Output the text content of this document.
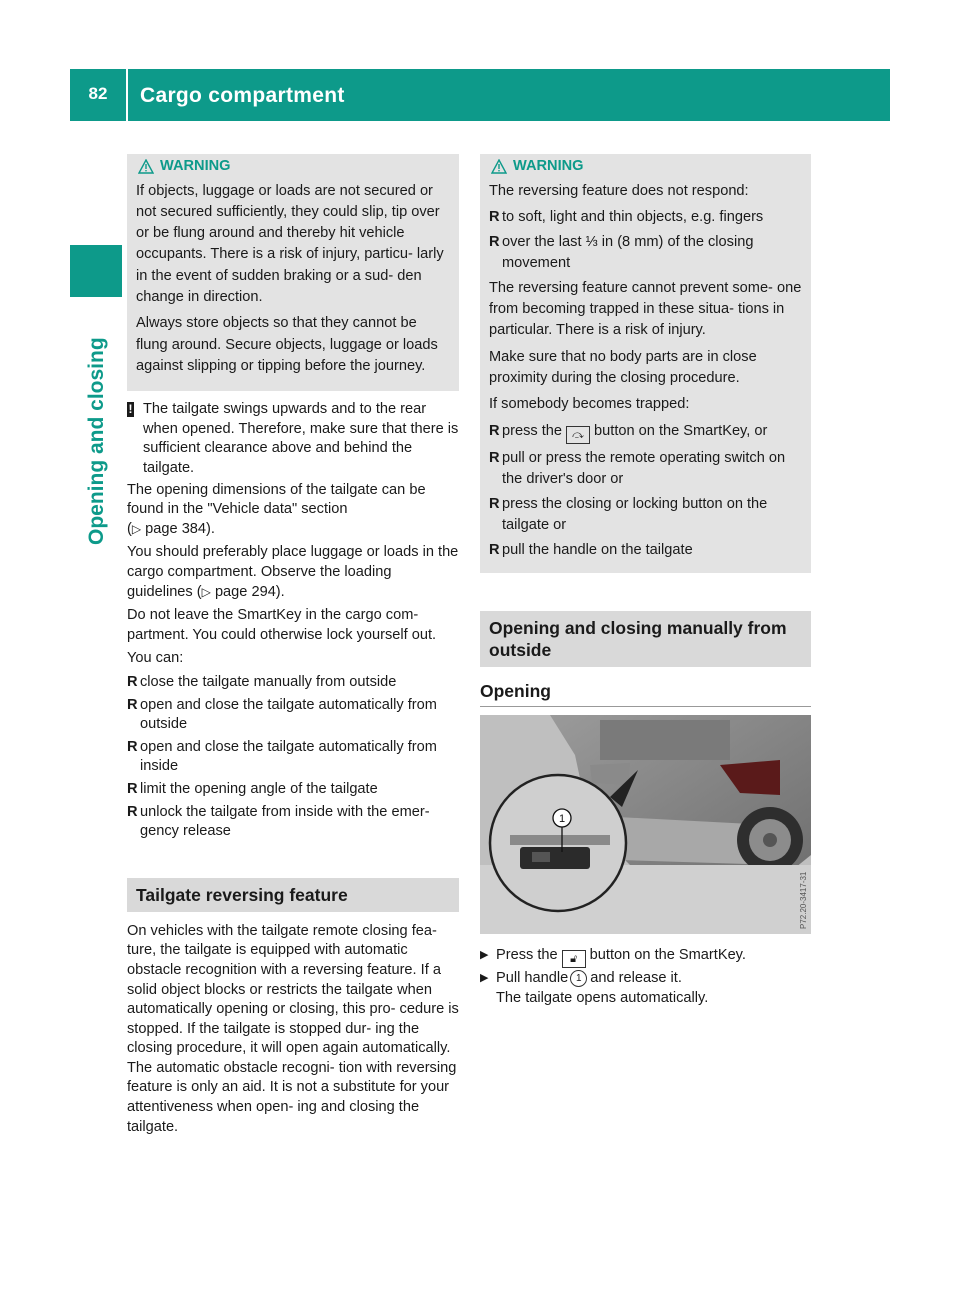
82	Cargo compartment
Opening and closing
WARNING

If objects, luggage or loads are not secured or not secured sufficiently, they could slip, tip over or be flung around and thereby hit vehicle occupants. There is a risk of injury, particu- larly in the event of sudden braking or a sud- den change in direction.

Always store objects so that they cannot be flung around. Secure objects, luggage or loads against slipping or tipping before the journey.

! The tailgate swings upwards and to the rear when opened. Therefore, make sure that there is sufficient clearance above and behind the tailgate.

The opening dimensions of the tailgate can be found in the "Vehicle data" section
(▷ page 384).

You should preferably place luggage or loads in the cargo compartment. Observe the loading guidelines (▷ page 294).

Do not leave the SmartKey in the cargo com- partment. You could otherwise lock yourself out.

You can:

R close the tailgate manually from outside
R open and close the tailgate automatically from outside
R open and close the tailgate automatically from inside
R limit the opening angle of the tailgate
R unlock the tailgate from inside with the emer- gency release
Tailgate reversing feature

On vehicles with the tailgate remote closing fea- ture, the tailgate is equipped with automatic obstacle recognition with a reversing feature. If a solid object blocks or restricts the tailgate when automatically opening or closing, this pro- cedure is stopped. If the tailgate is stopped dur- ing the closing procedure, it will open again automatically. The automatic obstacle recogni- tion with reversing feature is only an aid. It is not a substitute for your attentiveness when open- ing and closing the tailgate.

WARNING

The reversing feature does not respond:

R to soft, light and thin objects, e.g. fingers
R over the last ⅓ in (8 mm) of the closing movement

The reversing feature cannot prevent some- one from becoming trapped in these situa- tions in particular. There is a risk of injury.

Make sure that no body parts are in close proximity during the closing procedure.

If somebody becomes trapped:

R press the ⤼ button on the SmartKey, or
R pull or press the remote operating switch on the driver's door or
R press the closing or locking button on the tailgate or
R pull the handle on the tailgate
Opening and closing manually from outside
Opening
1
P72.20-3417-31
▶ Press the 🔓︎ button on the SmartKey.
▶ Pull handle 1 and release it.
The tailgate opens automatically.
